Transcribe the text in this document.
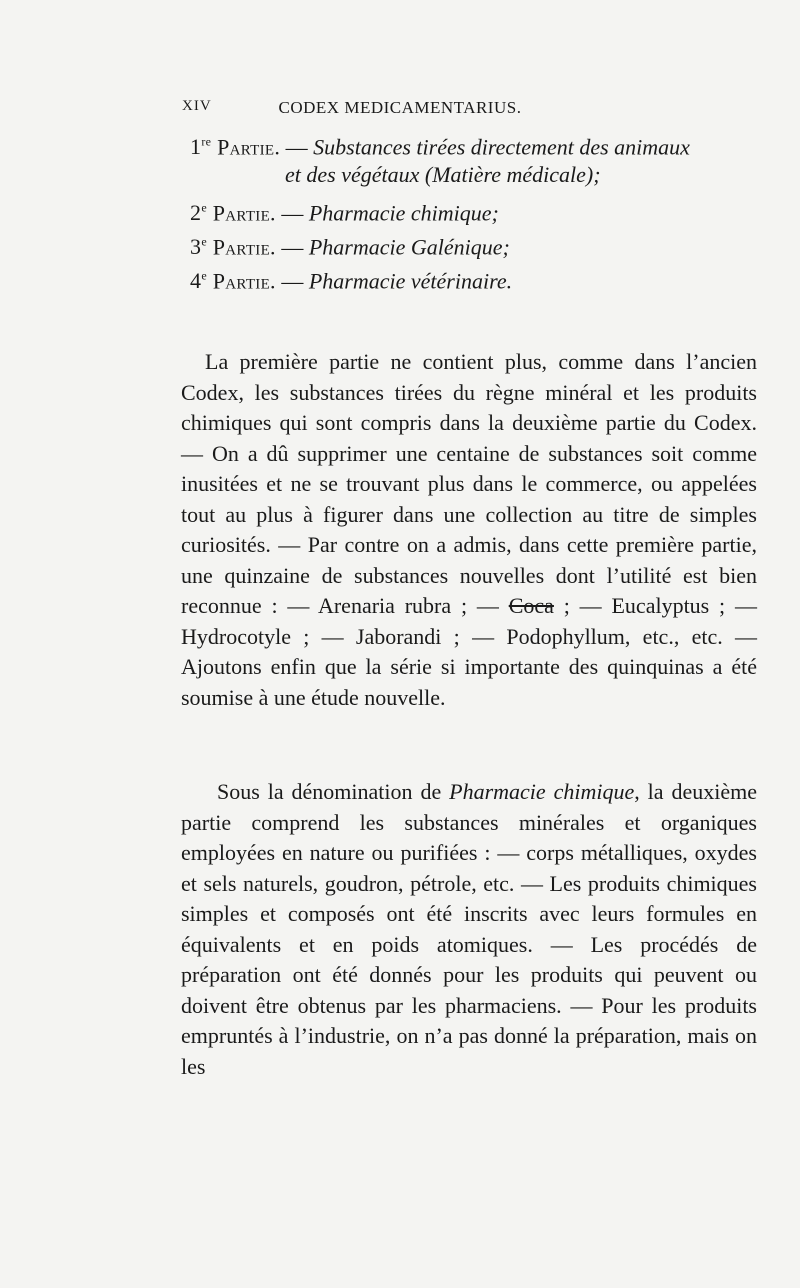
XIV	CODEX MEDICAMENTARIUS.
1re Partie. — Substances tirées directement des animaux
et des végétaux (Matière médicale);
2e Partie. — Pharmacie chimique;
3e Partie. — Pharmacie Galénique;
4e Partie. — Pharmacie vétérinaire.
La première partie ne contient plus, comme dans l’ancien Codex, les substances tirées du règne minéral et les produits chimiques qui sont compris dans la deuxième partie du Codex. — On a dû supprimer une centaine de substances soit comme inusitées et ne se trouvant plus dans le commerce, ou appelées tout au plus à figurer dans une collection au titre de simples curiosités. — Par contre on a admis, dans cette première partie, une quinzaine de substances nouvelles dont l’utilité est bien reconnue : — Arenaria rubra ; — Coca ; — Eucalyptus ; — Hydrocotyle ; — Jaborandi ; — Podophyllum, etc., etc. — Ajoutons enfin que la série si importante des quinquinas a été soumise à une étude nouvelle.
Sous la dénomination de Pharmacie chimique, la deuxième partie comprend les substances minérales et organiques employées en nature ou purifiées : — corps métalliques, oxydes et sels naturels, goudron, pétrole, etc. — Les produits chimiques simples et composés ont été inscrits avec leurs formules en équivalents et en poids atomiques. — Les procédés de préparation ont été donnés pour les produits qui peuvent ou doivent être obtenus par les pharmaciens. — Pour les produits empruntés à l’industrie, on n’a pas donné la préparation, mais on les
